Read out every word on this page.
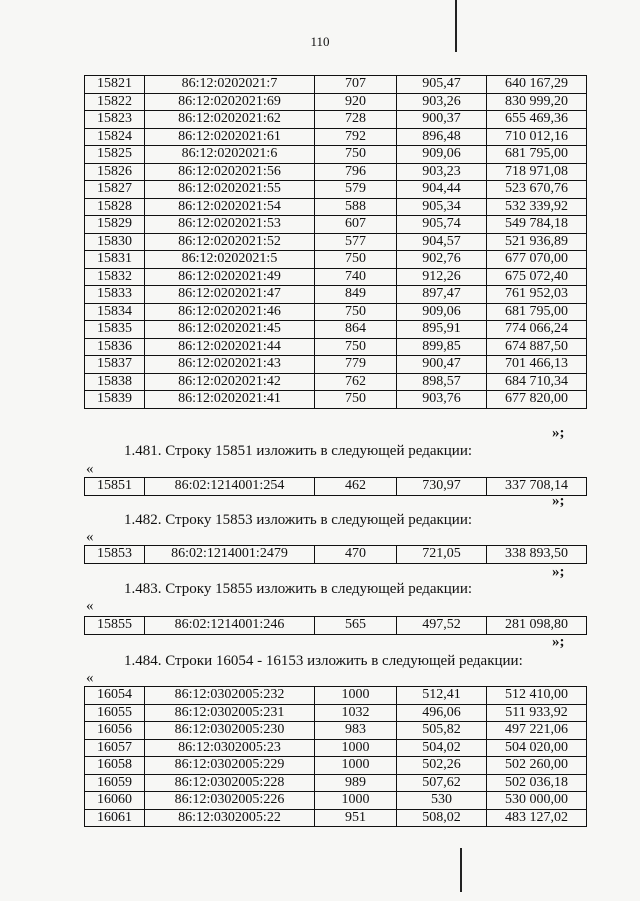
110
15821	86:12:0202021:7	707	905,47	640 167,29
15822	86:12:0202021:69	920	903,26	830 999,20
15823	86:12:0202021:62	728	900,37	655 469,36
15824	86:12:0202021:61	792	896,48	710 012,16
15825	86:12:0202021:6	750	909,06	681 795,00
15826	86:12:0202021:56	796	903,23	718 971,08
15827	86:12:0202021:55	579	904,44	523 670,76
15828	86:12:0202021:54	588	905,34	532 339,92
15829	86:12:0202021:53	607	905,74	549 784,18
15830	86:12:0202021:52	577	904,57	521 936,89
15831	86:12:0202021:5	750	902,76	677 070,00
15832	86:12:0202021:49	740	912,26	675 072,40
15833	86:12:0202021:47	849	897,47	761 952,03
15834	86:12:0202021:46	750	909,06	681 795,00
15835	86:12:0202021:45	864	895,91	774 066,24
15836	86:12:0202021:44	750	899,85	674 887,50
15837	86:12:0202021:43	779	900,47	701 466,13
15838	86:12:0202021:42	762	898,57	684 710,34
15839	86:12:0202021:41	750	903,76	677 820,00
»;
1.481. Строку 15851 изложить в следующей редакции:
«
15851	86:02:1214001:254	462	730,97	337 708,14
»;
1.482. Строку 15853 изложить в следующей редакции:
«
15853	86:02:1214001:2479	470	721,05	338 893,50
»;
1.483. Строку 15855 изложить в следующей редакции:
«
15855	86:02:1214001:246	565	497,52	281 098,80
»;
1.484. Строки 16054 - 16153 изложить в следующей редакции:
«
16054	86:12:0302005:232	1000	512,41	512 410,00
16055	86:12:0302005:231	1032	496,06	511 933,92
16056	86:12:0302005:230	983	505,82	497 221,06
16057	86:12:0302005:23	1000	504,02	504 020,00
16058	86:12:0302005:229	1000	502,26	502 260,00
16059	86:12:0302005:228	989	507,62	502 036,18
16060	86:12:0302005:226	1000	530	530 000,00
16061	86:12:0302005:22	951	508,02	483 127,02
